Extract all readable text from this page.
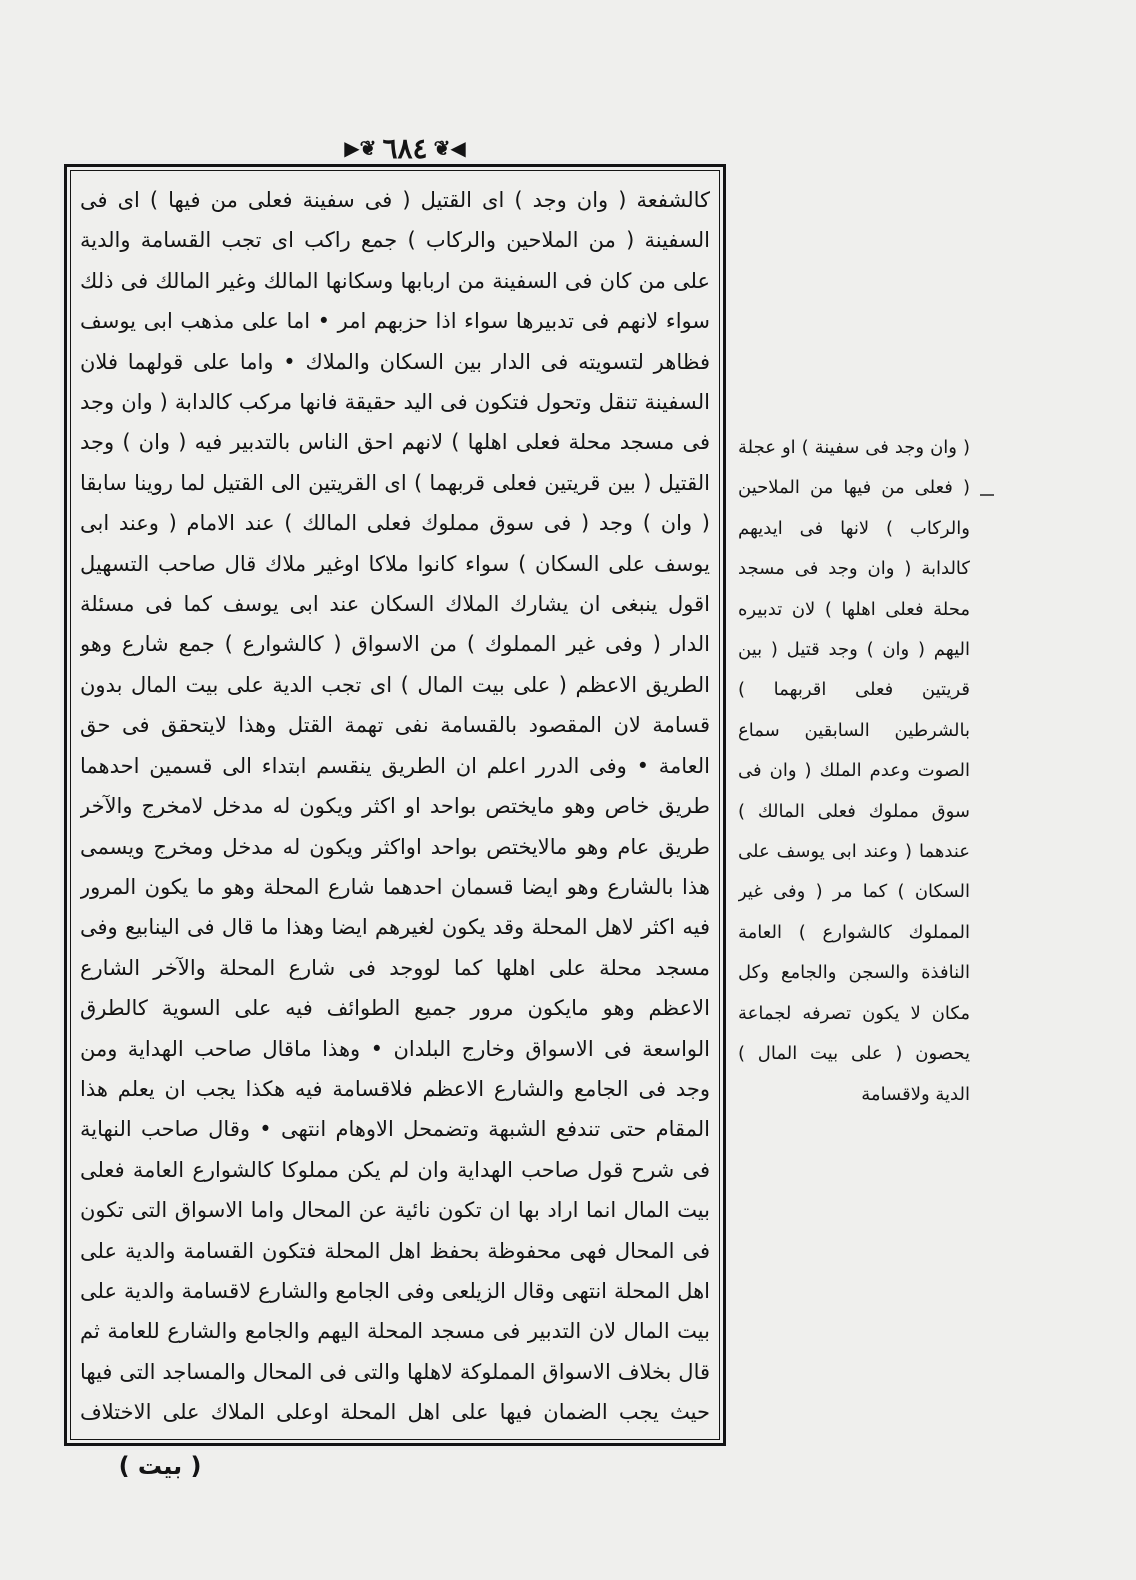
◀❦
٦٨٤
❦▶

كالشفعة ( وان وجد ) اى القتيل ( فى سفينة فعلى من فيها ) اى فى السفينة ( من الملاحين والركاب ) جمع راكب اى تجب القسامة والدية على من كان فى السفينة من اربابها وسكانها المالك وغير المالك فى ذلك سواء لانهم فى تدبيرها سواء اذا حزبهم امر • اما على مذهب ابى يوسف فظاهر لتسويته فى الدار بين السكان والملاك • واما على قولهما فلان السفينة تنقل وتحول فتكون فى اليد حقيقة فانها مركب كالدابة ( وان وجد فى مسجد محلة فعلى اهلها ) لانهم احق الناس بالتدبير فيه ( وان ) وجد القتيل ( بين قريتين فعلى قربهما ) اى القريتين الى القتيل لما روينا سابقا ( وان ) وجد ( فى سوق مملوك فعلى المالك ) عند الامام ( وعند ابى يوسف على السكان ) سواء كانوا ملاكا اوغير ملاك قال صاحب التسهيل اقول ينبغى ان يشارك الملاك السكان عند ابى يوسف كما فى مسئلة الدار ( وفى غير المملوك ) من الاسواق ( كالشوارع ) جمع شارع وهو الطريق الاعظم ( على بيت المال ) اى تجب الدية على بيت المال بدون قسامة لان المقصود بالقسامة نفى تهمة القتل وهذا لايتحقق فى حق العامة • وفى الدرر اعلم ان الطريق ينقسم ابتداء الى قسمين احدهما طريق خاص وهو مايختص بواحد او اكثر ويكون له مدخل لامخرج والآخر طريق عام وهو مالايختص بواحد اواكثر ويكون له مدخل ومخرج ويسمى هذا بالشارع وهو ايضا قسمان احدهما شارع المحلة وهو ما يكون المرور فيه اكثر لاهل المحلة وقد يكون لغيرهم ايضا وهذا ما قال فى الينابيع وفى مسجد محلة على اهلها كما لووجد فى شارع المحلة والآخر الشارع الاعظم وهو مايكون مرور جميع الطوائف فيه على السوية كالطرق الواسعة فى الاسواق وخارج البلدان • وهذا ماقال صاحب الهداية ومن وجد فى الجامع والشارع الاعظم فلاقسامة فيه هكذا يجب ان يعلم هذا المقام حتى تندفع الشبهة وتضمحل الاوهام انتهى • وقال صاحب النهاية فى شرح قول صاحب الهداية وان لم يكن مملوكا كالشوارع العامة فعلى بيت المال انما اراد بها ان تكون نائية عن المحال واما الاسواق التى تكون فى المحال فهى محفوظة بحفظ اهل المحلة فتكون القسامة والدية على اهل المحلة انتهى وقال الزيلعى وفى الجامع والشارع لاقسامة والدية على بيت المال لان التدبير فى مسجد المحلة اليهم والجامع والشارع للعامة ثم قال بخلاف الاسواق المملوكة لاهلها والتى فى المحال والمساجد التى فيها حيث يجب الضمان فيها على اهل المحلة اوعلى الملاك على الاختلاف

( وان وجد فى سفينة ) او عجلة ( فعلى من فيها من الملاحين والركاب ) لانها فى ايديهم كالدابة ( وان وجد فى مسجد محلة فعلى اهلها ) لان تدبيره اليهم ( وان ) وجد قتيل ( بين قريتين فعلى اقربهما ) بالشرطين السابقين سماع الصوت وعدم الملك ( وان فى سوق مملوك فعلى المالك ) عندهما ( وعند ابى يوسف على السكان ) كما مر ( وفى غير المملوك كالشوارع ) العامة النافذة والسجن والجامع وكل مكان لا يكون تصرفه لجماعة يحصون ( على بيت المال ) الدية ولاقسامة

( بيت )
